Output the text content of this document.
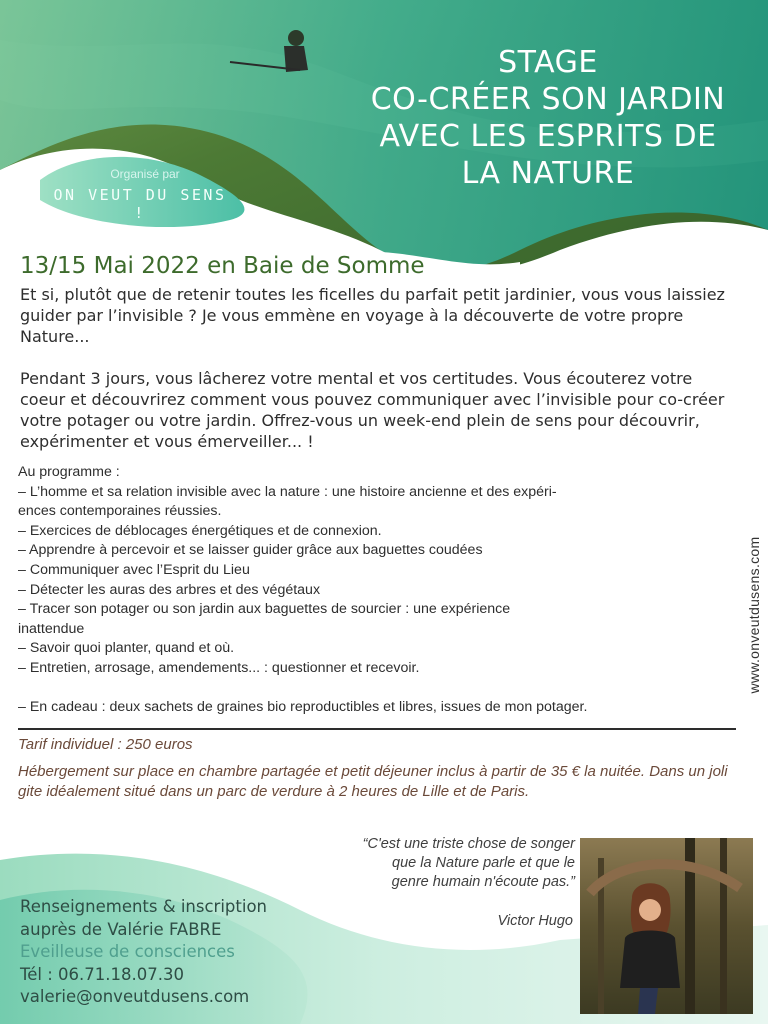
STAGE
CO-CRÉER SON JARDIN
AVEC LES ESPRITS DE
LA NATURE
Organisé par
ON VEUT DU SENS !
13/15 Mai 2022 en Baie de Somme

Et si, plutôt que de retenir toutes les ficelles du parfait petit jardinier, vous vous laissiez guider par l’invisible ? Je vous emmène en voyage à la découverte de votre propre Nature...

Pendant 3 jours, vous lâcherez votre mental et vos certitudes. Vous écouterez votre coeur et découvrirez comment vous pouvez communiquer avec l’invisible pour co-créer votre potager ou votre jardin. Offrez-vous un week-end plein de sens pour découvrir, expérimenter et vous émerveiller... !

Au programme :
– L’homme et sa relation invisible avec la nature : une histoire ancienne et des expéri-
ences contemporaines réussies.
– Exercices de déblocages énergétiques et de connexion.
– Apprendre à percevoir et se laisser guider grâce aux baguettes coudées
– Communiquer avec l’Esprit du Lieu
– Détecter les auras des arbres et des végétaux
– Tracer son potager ou son jardin aux baguettes de sourcier : une expérience
inattendue
– Savoir quoi planter, quand et où.
– Entretien, arrosage, amendements... : questionner et recevoir.
– En cadeau : deux sachets de graines bio reproductibles et libres, issues de mon potager.
www.onveutdusens.com
Tarif individuel : 250 euros
Hébergement sur place en chambre partagée et petit déjeuner inclus à partir de 35 € la nuitée. Dans un joli gite idéalement situé dans un parc de verdure à 2 heures de Lille et de Paris.
“C'est une triste chose de songer
que la Nature parle et que le
genre humain n'écoute pas.”
Victor Hugo
Renseignements & inscription
auprès de Valérie FABRE
Eveilleuse de consciences
Tél : 06.71.18.07.30
valerie@onveutdusens.com
